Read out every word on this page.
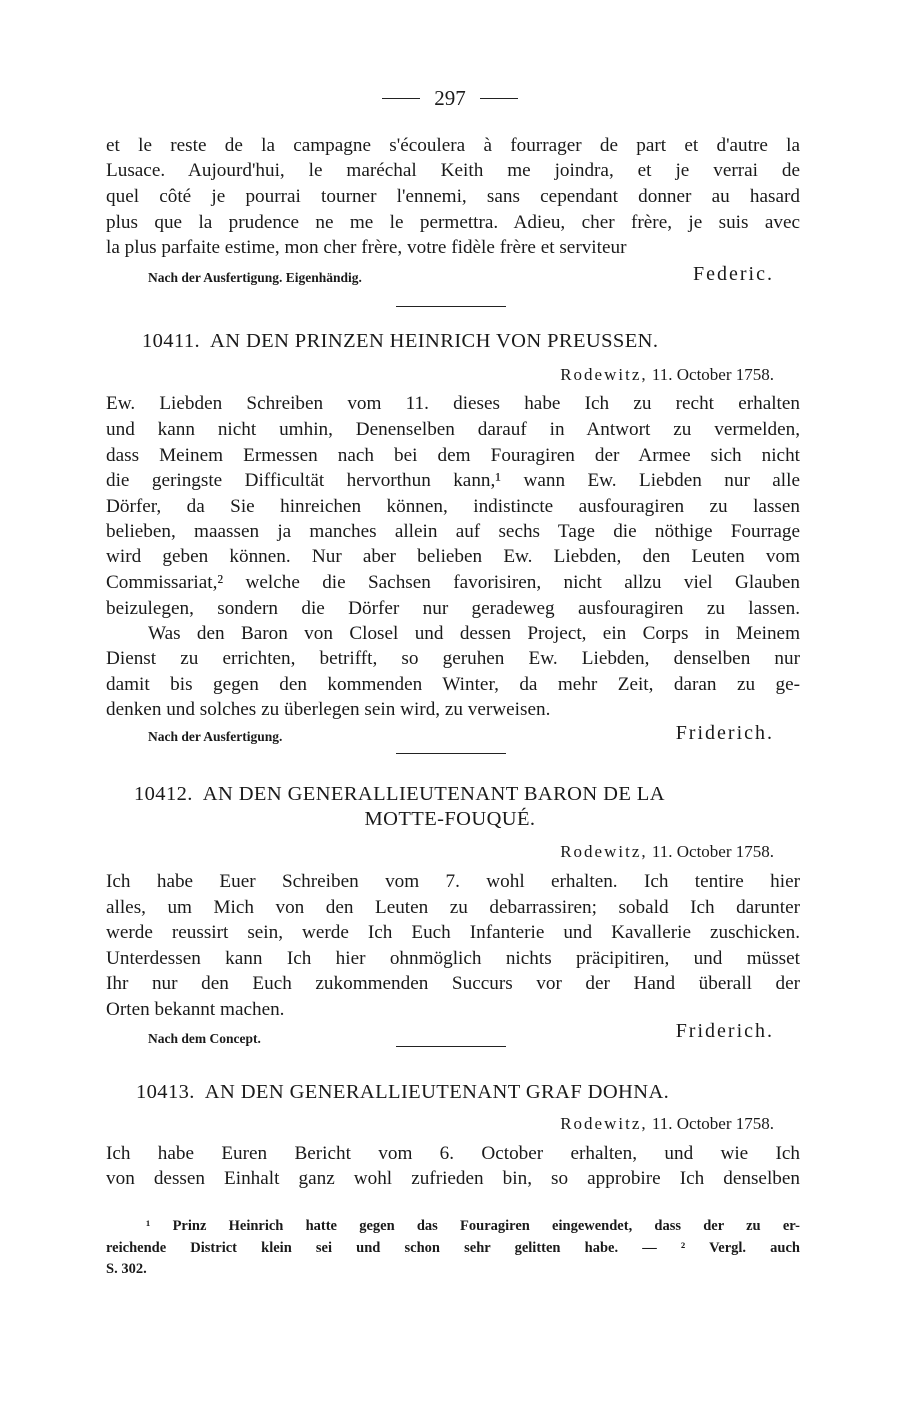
297
et le reste de la campagne s'écoulera à fourrager de part et d'autre la
Lusace. Aujourd'hui, le maréchal Keith me joindra, et je verrai de
quel côté je pourrai tourner l'ennemi, sans cependant donner au hasard
plus que la prudence ne me le permettra. Adieu, cher frère, je suis avec
la plus parfaite estime, mon cher frère, votre fidèle frère et serviteur
Nach der Ausfertigung. Eigenhändig.	Federic.
10411. AN DEN PRINZEN HEINRICH VON PREUSSEN.
Rodewitz, 11. October 1758.
Ew. Liebden Schreiben vom 11. dieses habe Ich zu recht erhalten
und kann nicht umhin, Denenselben darauf in Antwort zu vermelden,
dass Meinem Ermessen nach bei dem Fouragiren der Armee sich nicht
die geringste Difficultät hervorthun kann,¹ wann Ew. Liebden nur alle
Dörfer, da Sie hinreichen können, indistincte ausfouragiren zu lassen
belieben, maassen ja manches allein auf sechs Tage die nöthige Fourrage
wird geben können. Nur aber belieben Ew. Liebden, den Leuten vom
Commissariat,² welche die Sachsen favorisiren, nicht allzu viel Glauben
beizulegen, sondern die Dörfer nur geradeweg ausfouragiren zu lassen.
Was den Baron von Closel und dessen Project, ein Corps in Meinem
Dienst zu errichten, betrifft, so geruhen Ew. Liebden, denselben nur
damit bis gegen den kommenden Winter, da mehr Zeit, daran zu ge-
denken und solches zu überlegen sein wird, zu verweisen.
Nach der Ausfertigung.	Friderich.
10412. AN DEN GENERALLIEUTENANT BARON DE LA
MOTTE-FOUQUÉ.
Rodewitz, 11. October 1758.
Ich habe Euer Schreiben vom 7. wohl erhalten. Ich tentire hier
alles, um Mich von den Leuten zu debarrassiren; sobald Ich darunter
werde reussirt sein, werde Ich Euch Infanterie und Kavallerie zuschicken.
Unterdessen kann Ich hier ohnmöglich nichts präcipitiren, und müsset
Ihr nur den Euch zukommenden Succurs vor der Hand überall der
Orten bekannt machen.
Nach dem Concept.	Friderich.
10413. AN DEN GENERALLIEUTENANT GRAF DOHNA.
Rodewitz, 11. October 1758.
Ich habe Euren Bericht vom 6. October erhalten, und wie Ich
von dessen Einhalt ganz wohl zufrieden bin, so approbire Ich denselben
¹ Prinz Heinrich hatte gegen das Fouragiren eingewendet, dass der zu er-
reichende District klein sei und schon sehr gelitten habe. — ² Vergl. auch
S. 302.
